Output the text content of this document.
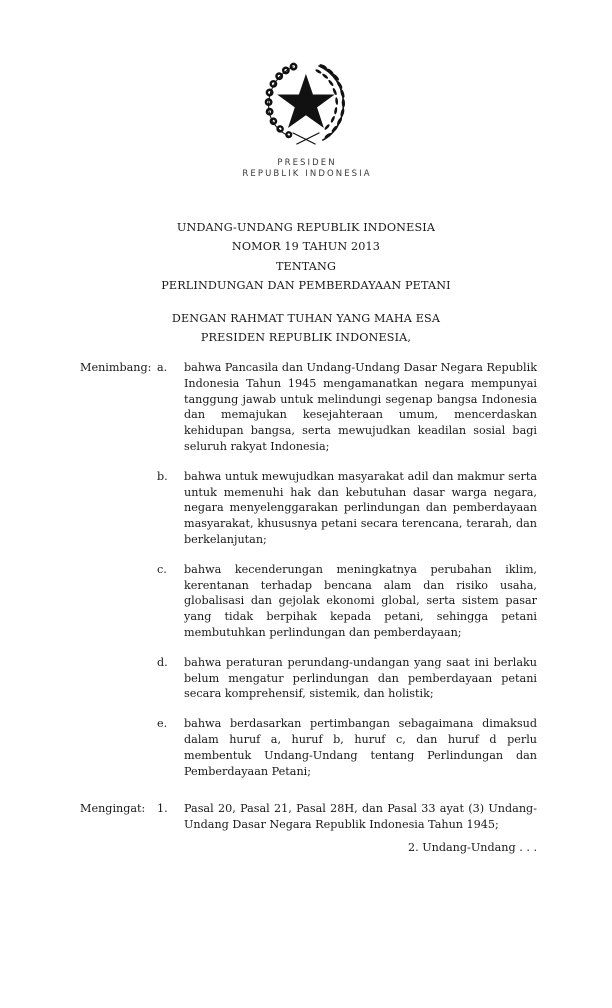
PRESIDEN
REPUBLIK INDONESIA
UNDANG-UNDANG REPUBLIK INDONESIA
NOMOR 19 TAHUN 2013
TENTANG
PERLINDUNGAN DAN PEMBERDAYAAN PETANI
DENGAN RAHMAT TUHAN YANG MAHA ESA
PRESIDEN REPUBLIK INDONESIA,
Menimbang: a.	bahwa Pancasila dan Undang-Undang Dasar Negara Republik Indonesia Tahun 1945 mengamanatkan negara mempunyai tanggung jawab untuk melindungi segenap bangsa Indonesia dan memajukan kesejahteraan umum, mencerdaskan kehidupan bangsa, serta mewujudkan keadilan sosial bagi seluruh rakyat Indonesia;
b.	bahwa untuk mewujudkan masyarakat adil dan makmur serta untuk memenuhi hak dan kebutuhan dasar warga negara, negara menyelenggarakan perlindungan dan pemberdayaan masyarakat, khususnya petani secara terencana, terarah, dan berkelanjutan;
c.	bahwa kecenderungan meningkatnya perubahan iklim, kerentanan terhadap bencana alam dan risiko usaha, globalisasi dan gejolak ekonomi global, serta sistem pasar yang tidak berpihak kepada petani, sehingga petani membutuhkan perlindungan dan pemberdayaan;
d.	bahwa peraturan perundang-undangan yang saat ini berlaku belum mengatur perlindungan dan pemberdayaan petani secara komprehensif, sistemik, dan holistik;
e.	bahwa berdasarkan pertimbangan sebagaimana dimaksud dalam huruf a, huruf b, huruf c, dan huruf d perlu membentuk Undang-Undang tentang Perlindungan dan Pemberdayaan Petani;
Mengingat:	1.	Pasal 20, Pasal 21, Pasal 28H, dan Pasal 33 ayat (3) Undang-Undang Dasar Negara Republik Indonesia Tahun 1945;
2. Undang-Undang . . .
